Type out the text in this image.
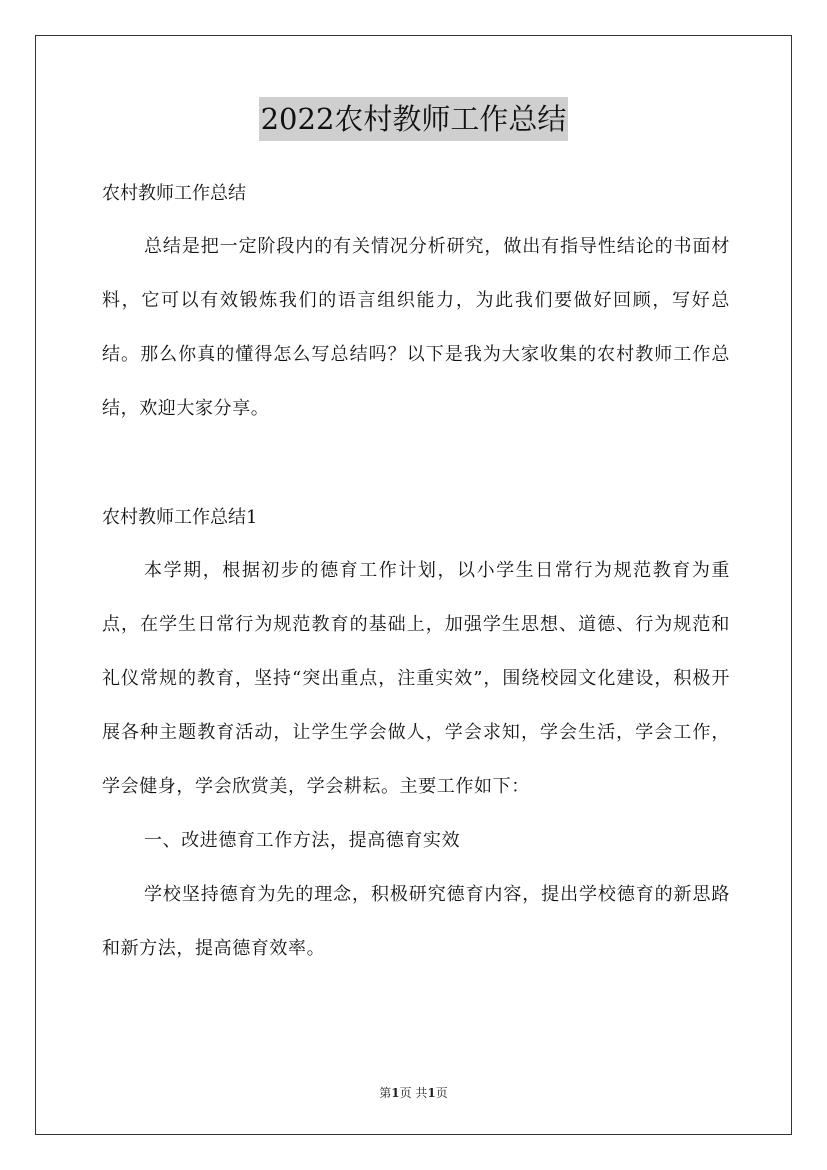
2022农村教师工作总结

农村教师工作总结

总结是把一定阶段内的有关情况分析研究，做出有指导性结论的书面材料，它可以有效锻炼我们的语言组织能力，为此我们要做好回顾，写好总结。那么你真的懂得怎么写总结吗？以下是我为大家收集的农村教师工作总结，欢迎大家分享。

农村教师工作总结1

本学期，根据初步的德育工作计划，以小学生日常行为规范教育为重点，在学生日常行为规范教育的基础上，加强学生思想、道德、行为规范和礼仪常规的教育，坚持“突出重点，注重实效”，围绕校园文化建设，积极开展各种主题教育活动，让学生学会做人，学会求知，学会生活，学会工作，学会健身，学会欣赏美，学会耕耘。主要工作如下：

一、改进德育工作方法，提高德育实效

学校坚持德育为先的理念，积极研究德育内容，提出学校德育的新思路和新方法，提高德育效率。

第1页 共1页
